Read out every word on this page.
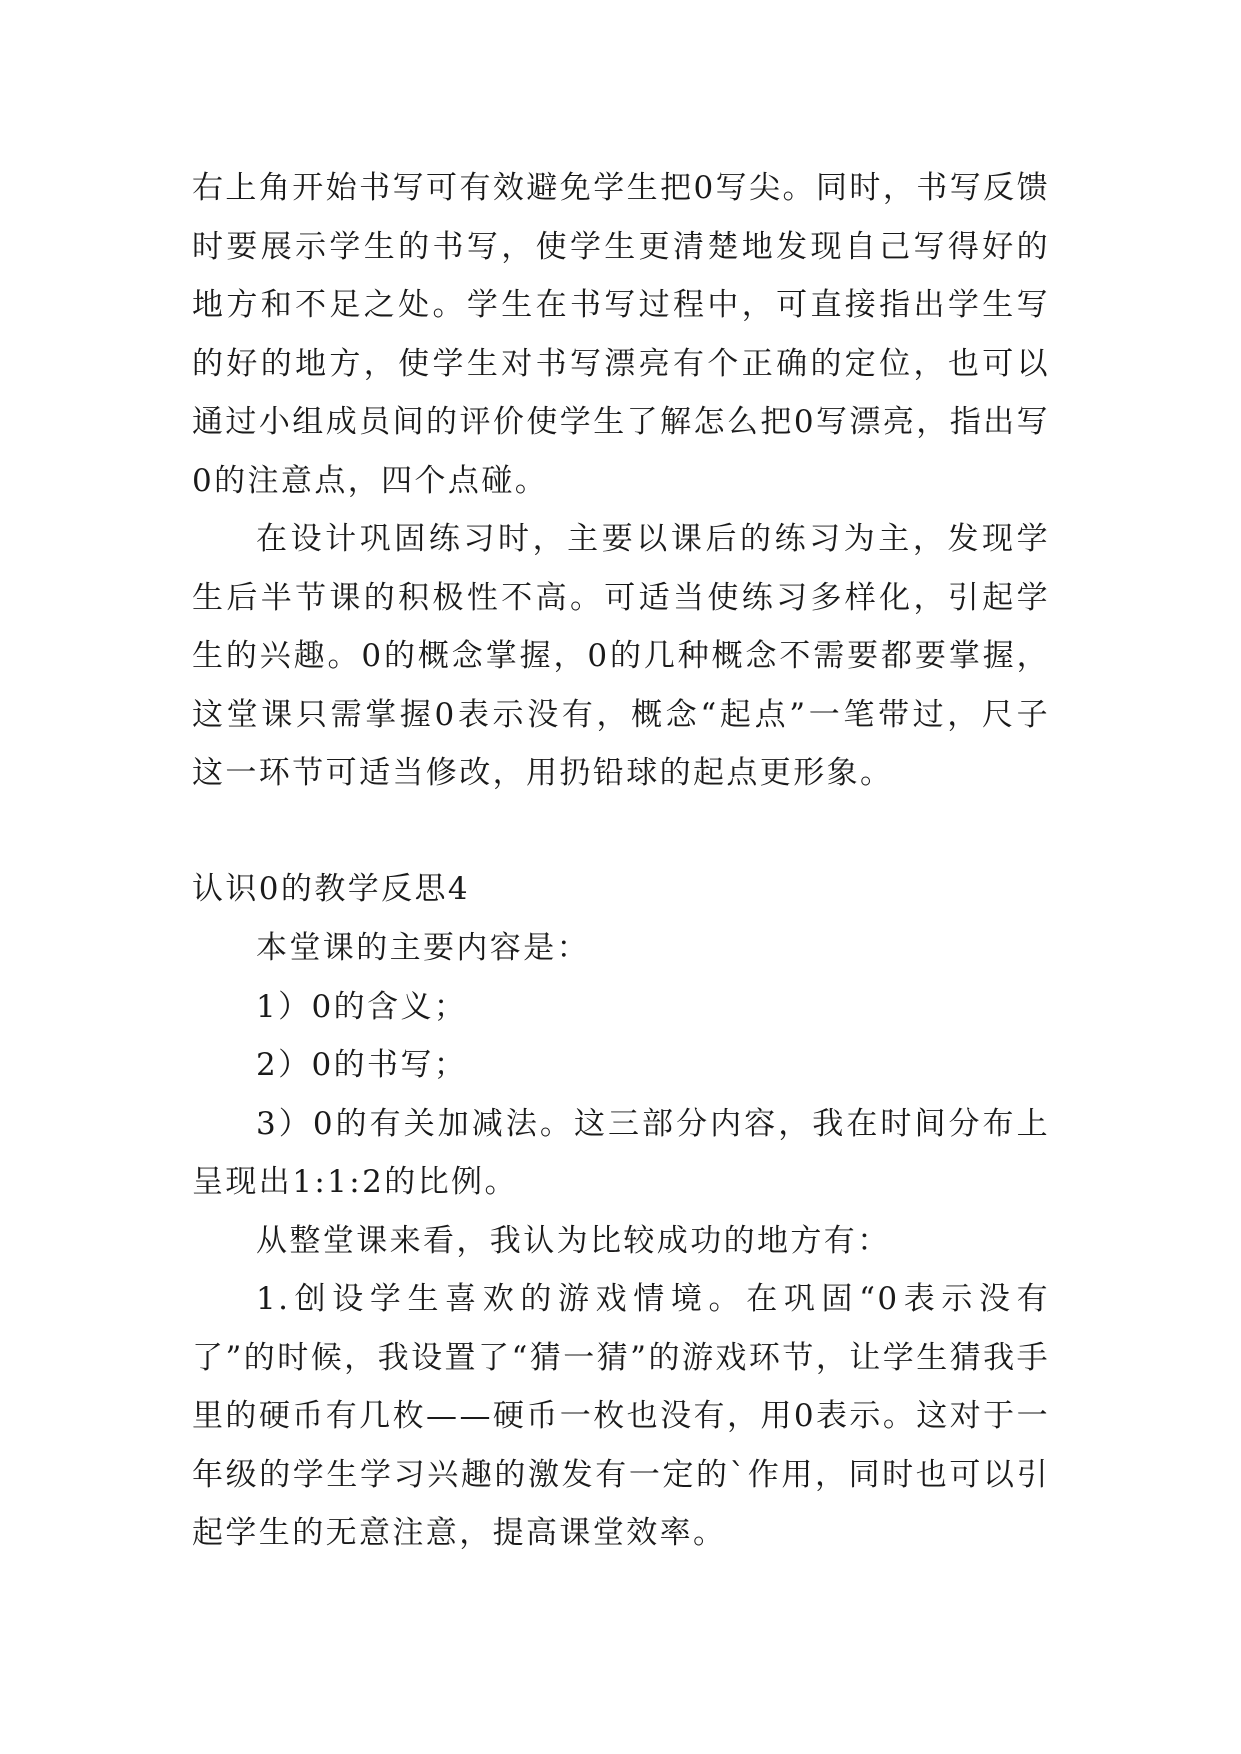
右上角开始书写可有效避免学生把0写尖。同时，书写反馈时要展示学生的书写，使学生更清楚地发现自己写得好的地方和不足之处。学生在书写过程中，可直接指出学生写的好的地方，使学生对书写漂亮有个正确的定位，也可以通过小组成员间的评价使学生了解怎么把0写漂亮，指出写0的注意点，四个点碰。

在设计巩固练习时，主要以课后的练习为主，发现学生后半节课的积极性不高。可适当使练习多样化，引起学生的兴趣。0的概念掌握，0的几种概念不需要都要掌握，这堂课只需掌握0表示没有，概念“起点”一笔带过，尺子这一环节可适当修改，用扔铅球的起点更形象。

认识0的教学反思4

本堂课的主要内容是：

1）0的含义；

2）0的书写；

3）0的有关加减法。这三部分内容，我在时间分布上呈现出1:1:2的比例。

从整堂课来看，我认为比较成功的地方有：

1.创设学生喜欢的游戏情境。在巩固“0表示没有了”的时候，我设置了“猜一猜”的游戏环节，让学生猜我手里的硬币有几枚——硬币一枚也没有，用0表示。这对于一年级的学生学习兴趣的激发有一定的`作用，同时也可以引起学生的无意注意，提高课堂效率。
